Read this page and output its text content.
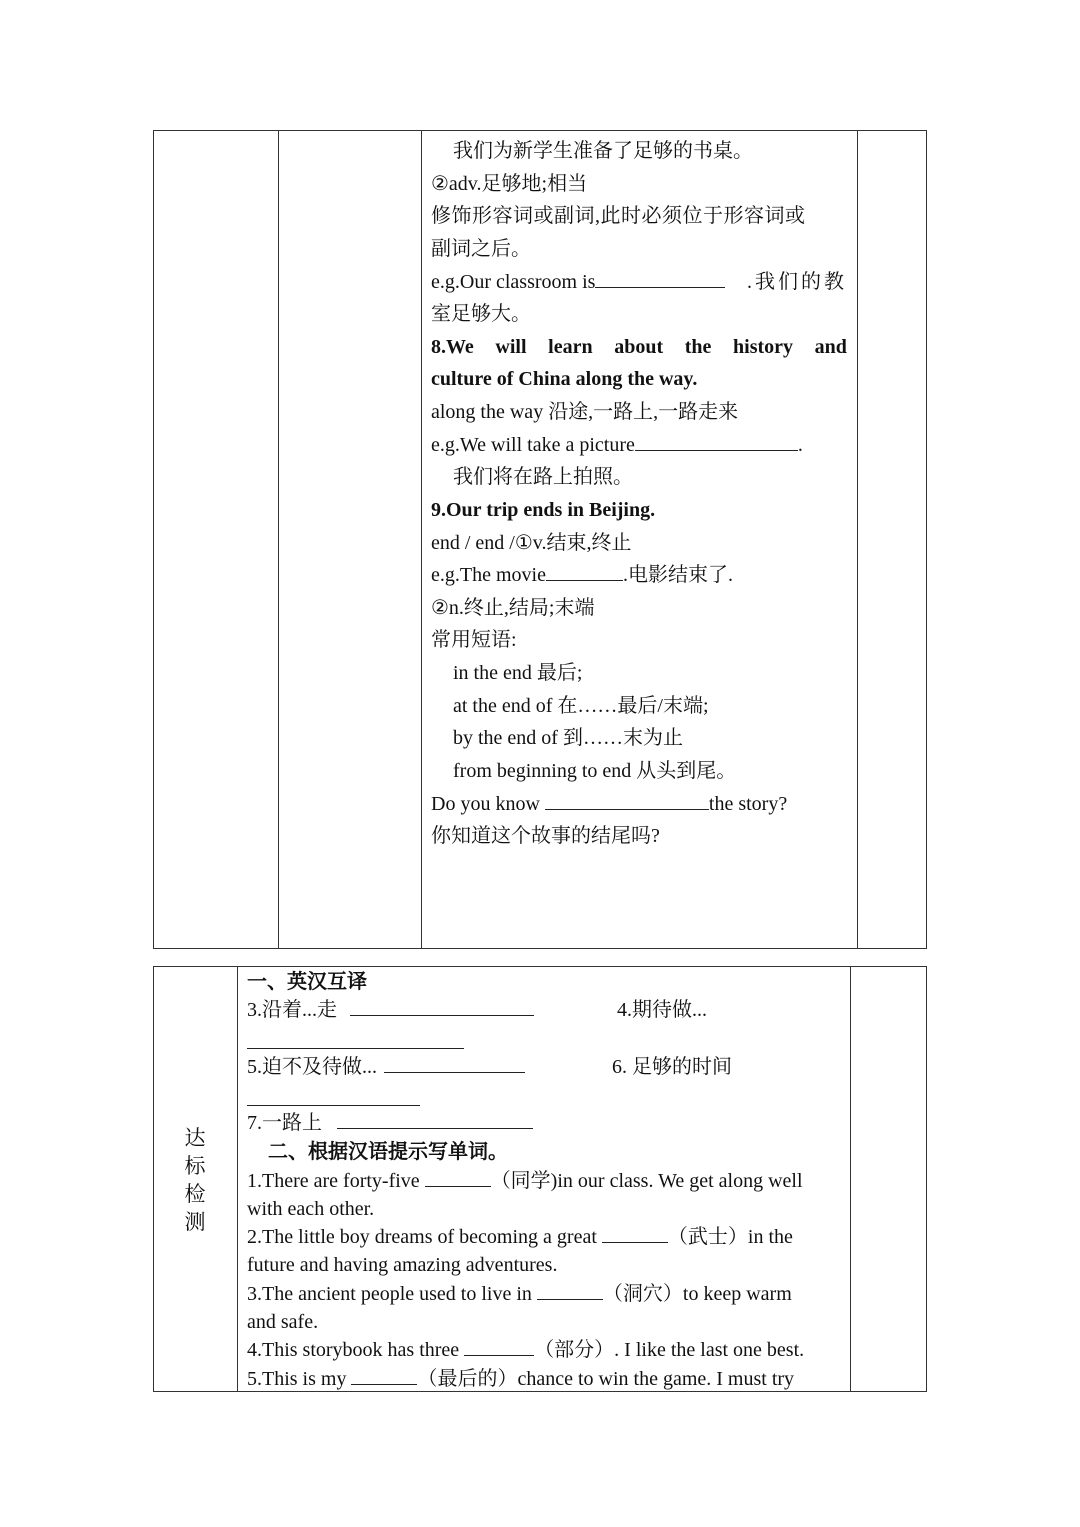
我们为新学生准备了足够的书桌。
②adv.足够地;相当
修饰形容词或副词,此时必须位于形容词或
副词之后。
e.g.Our classroom is	.我们的教
室足够大。
8.We will learn about the history and
culture of China along the way.
along the way 沿途,一路上,一路走来
e.g.We will take a picture	.
我们将在路上拍照。
9.Our trip ends in Beijing.
end / end /①v.结束,终止
e.g.The movie	.电影结束了.
②n.终止,结局;末端
常用短语:
in the end 最后;
at the end of 在……最后/末端;
by the end of 到……末为止
from beginning to end 从头到尾。
Do you know	the story?
你知道这个故事的结尾吗?
达标检测
一、英汉互译
3.沿着...走	4.期待做...
5.迫不及待做...	6. 足够的时间
7.一路上
二、根据汉语提示写单词。
1.There are forty-five	（同学)in our class. We get along well
with each other.
2.The little boy dreams of becoming a great	（武士）in the
future and having amazing adventures.
3.The ancient people used to live in	（洞穴）to keep warm
and safe.
4.This storybook has three	（部分）. I like the last one best.
5.This is my	（最后的）chance to win the game. I must try
